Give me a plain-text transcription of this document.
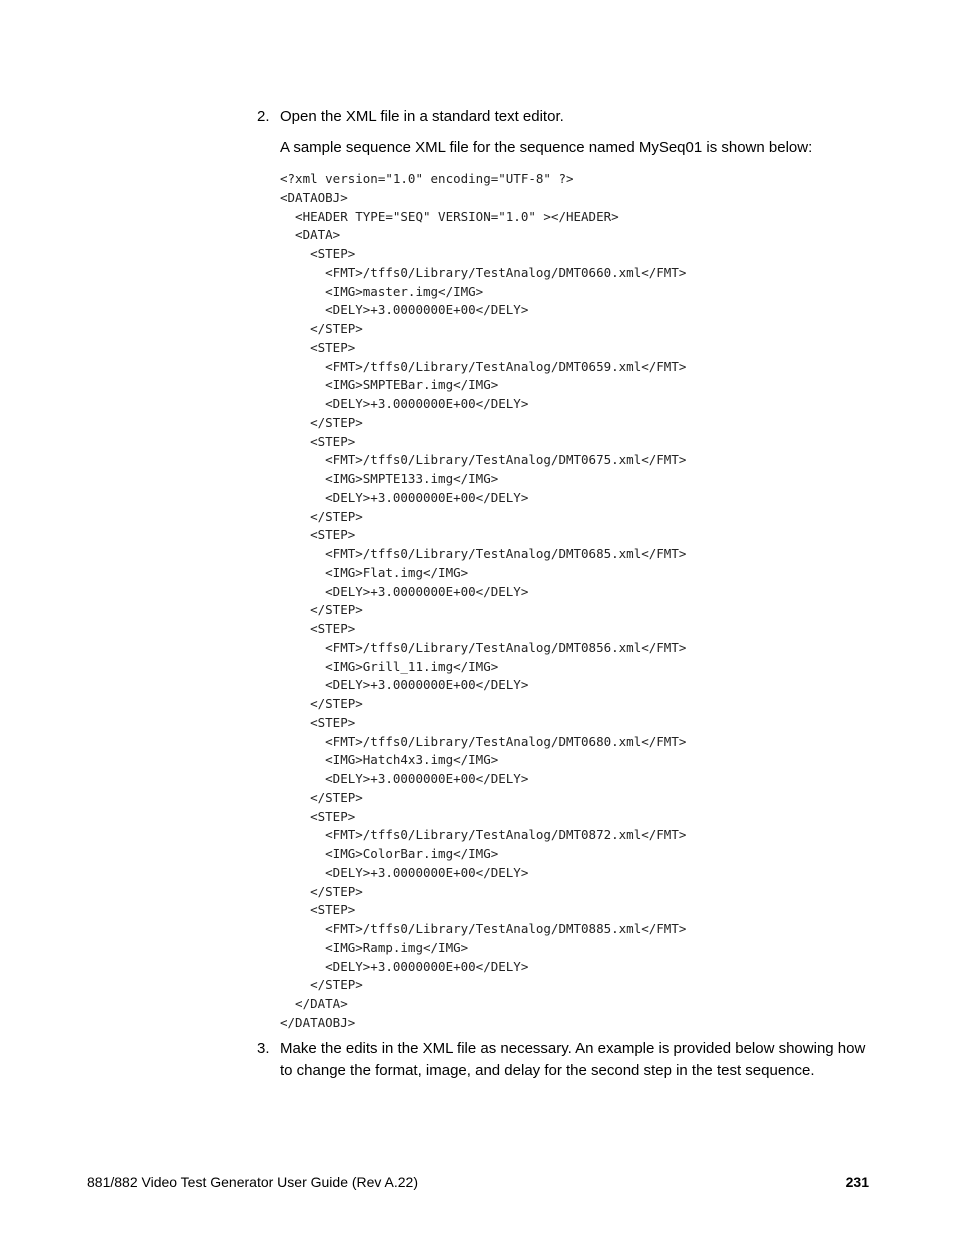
2. Open the XML file in a standard text editor.

A sample sequence XML file for the sequence named MySeq01 is shown below:

<?xml version="1.0" encoding="UTF-8" ?>
<DATAOBJ>
<HEADER TYPE="SEQ" VERSION="1.0" ></HEADER>
<DATA>
<STEP>
<FMT>/tffs0/Library/TestAnalog/DMT0660.xml</FMT>
<IMG>master.img</IMG>
<DELY>+3.0000000E+00</DELY>
</STEP>
<STEP>
<FMT>/tffs0/Library/TestAnalog/DMT0659.xml</FMT>
<IMG>SMPTEBar.img</IMG>
<DELY>+3.0000000E+00</DELY>
</STEP>
<STEP>
<FMT>/tffs0/Library/TestAnalog/DMT0675.xml</FMT>
<IMG>SMPTE133.img</IMG>
<DELY>+3.0000000E+00</DELY>
</STEP>
<STEP>
<FMT>/tffs0/Library/TestAnalog/DMT0685.xml</FMT>
<IMG>Flat.img</IMG>
<DELY>+3.0000000E+00</DELY>
</STEP>
<STEP>
<FMT>/tffs0/Library/TestAnalog/DMT0856.xml</FMT>
<IMG>Grill_11.img</IMG>
<DELY>+3.0000000E+00</DELY>
</STEP>
<STEP>
<FMT>/tffs0/Library/TestAnalog/DMT0680.xml</FMT>
<IMG>Hatch4x3.img</IMG>
<DELY>+3.0000000E+00</DELY>
</STEP>
<STEP>
<FMT>/tffs0/Library/TestAnalog/DMT0872.xml</FMT>
<IMG>ColorBar.img</IMG>
<DELY>+3.0000000E+00</DELY>
</STEP>
<STEP>
<FMT>/tffs0/Library/TestAnalog/DMT0885.xml</FMT>
<IMG>Ramp.img</IMG>
<DELY>+3.0000000E+00</DELY>
</STEP>
</DATA>
</DATAOBJ>
3. Make the edits in the XML file as necessary. An example is provided below showing how to change the format, image, and delay for the second step in the test sequence.

881/882 Video Test Generator User Guide (Rev A.22)	231
